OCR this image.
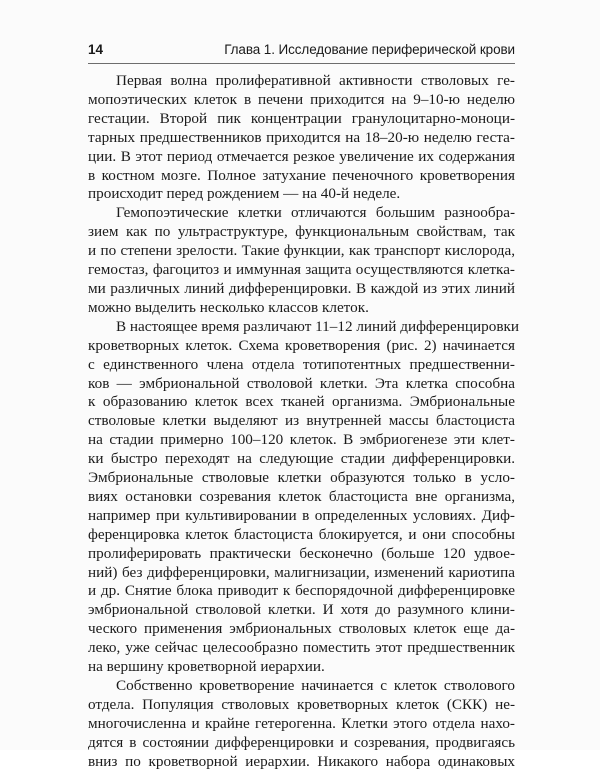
14	Глава 1. Исследование периферической крови
Первая волна пролиферативной активности стволовых ге-
мопоэтических клеток в печени приходится на 9–10-ю неделю
гестации. Второй пик концентрации гранулоцитарно-моноци-
тарных предшественников приходится на 18–20-ю неделю геста-
ции. В этот период отмечается резкое увеличение их содержания
в костном мозге. Полное затухание печеночного кроветворения
происходит перед рождением — на 40-й неделе.
Гемопоэтические клетки отличаются большим разнообра-
зием как по ультраструктуре, функциональным свойствам, так
и по степени зрелости. Такие функции, как транспорт кислорода,
гемостаз, фагоцитоз и иммунная защита осуществляются клетка-
ми различных линий дифференцировки. В каждой из этих линий
можно выделить несколько классов клеток.
В настоящее время различают 11–12 линий дифференцировки
кроветворных клеток. Схема кроветворения (рис. 2) начинается
с единственного члена отдела тотипотентных предшественни-
ков — эмбриональной стволовой клетки. Эта клетка способна
к образованию клеток всех тканей организма. Эмбриональные
стволовые клетки выделяют из внутренней массы бластоциста
на стадии примерно 100–120 клеток. В эмбриогенезе эти клет-
ки быстро переходят на следующие стадии дифференцировки.
Эмбриональные стволовые клетки образуются только в усло-
виях остановки созревания клеток бластоциста вне организма,
например при культивировании в определенных условиях. Диф-
ференцировка клеток бластоциста блокируется, и они способны
пролиферировать практически бесконечно (больше 120 удвое-
ний) без дифференцировки, малигнизации, изменений кариотипа
и др. Снятие блока приводит к беспорядочной дифференцировке
эмбриональной стволовой клетки. И хотя до разумного клини-
ческого применения эмбриональных стволовых клеток еще да-
леко, уже сейчас целесообразно поместить этот предшественник
на вершину кроветворной иерархии.
Собственно кроветворение начинается с клеток стволового
отдела. Популяция стволовых кроветворных клеток (СКК) не-
многочисленна и крайне гетерогенна. Клетки этого отдела нахо-
дятся в состоянии дифференцировки и созревания, продвигаясь
вниз по кроветворной иерархии. Никакого набора одинаковых
